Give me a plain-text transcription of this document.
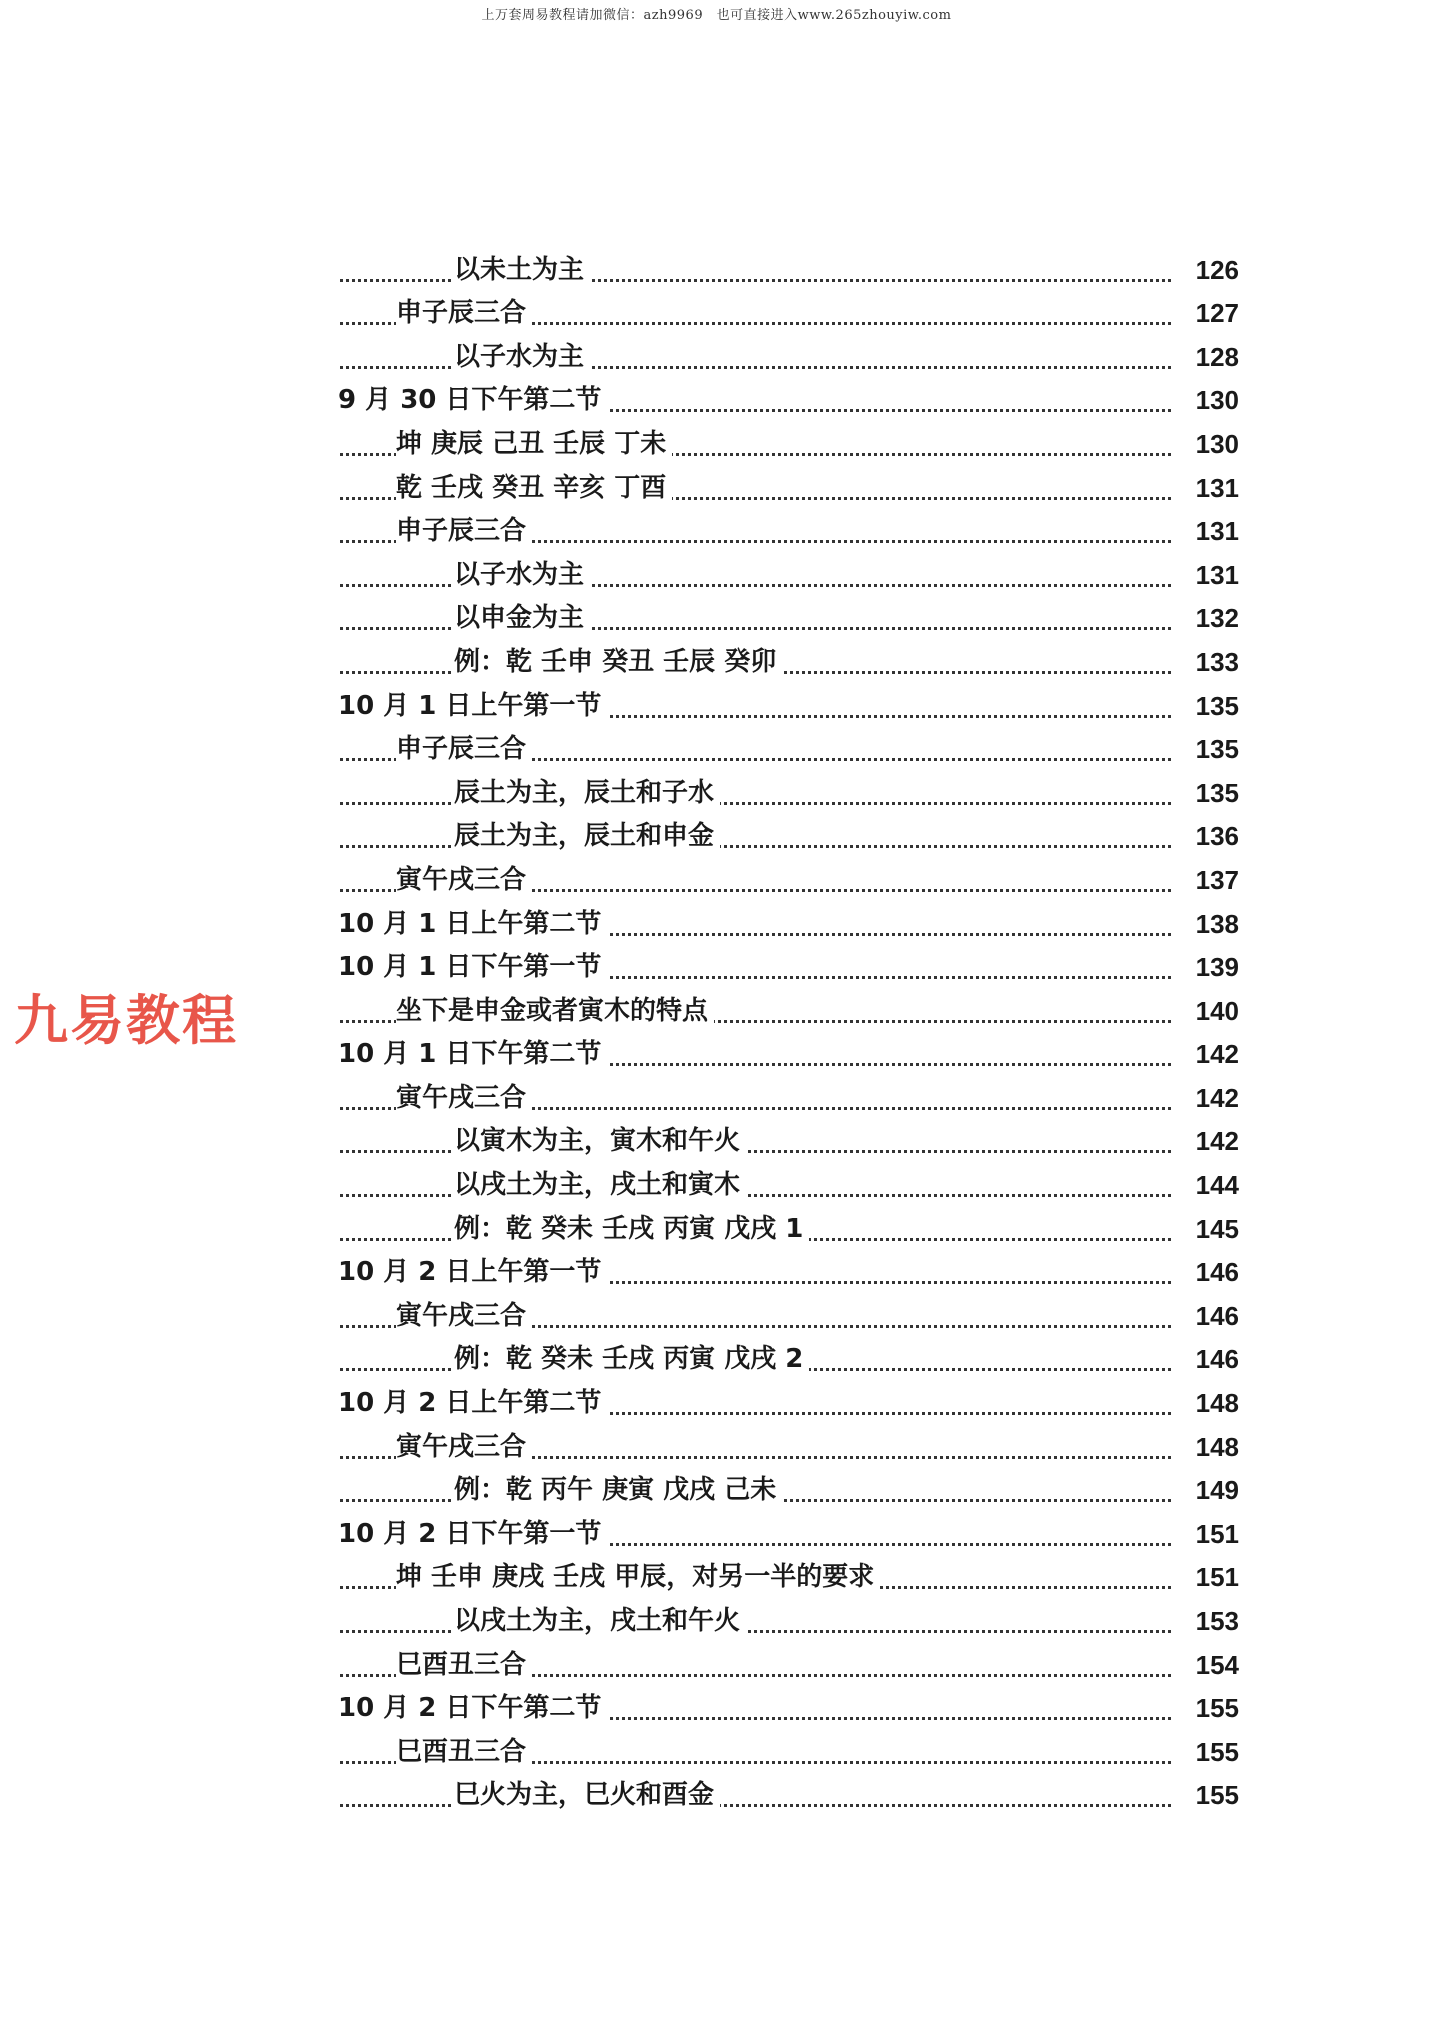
上万套周易教程请加微信：azh9969　也可直接进入www.265zhouyiw.com
九易教程
以未土为主	126
申子辰三合	127
以子水为主	128
9 月 30 日下午第二节	130
坤 庚辰 己丑 壬辰 丁未	130
乾 壬戌 癸丑 辛亥 丁酉	131
申子辰三合	131
以子水为主	131
以申金为主	132
例：乾 壬申 癸丑 壬辰 癸卯	133
10 月 1 日上午第一节	135
申子辰三合	135
辰土为主，辰土和子水	135
辰土为主，辰土和申金	136
寅午戌三合	137
10 月 1 日上午第二节	138
10 月 1 日下午第一节	139
坐下是申金或者寅木的特点	140
10 月 1 日下午第二节	142
寅午戌三合	142
以寅木为主，寅木和午火	142
以戌土为主，戌土和寅木	144
例：乾 癸未 壬戌 丙寅 戊戌 1	145
10 月 2 日上午第一节	146
寅午戌三合	146
例：乾 癸未 壬戌 丙寅 戊戌 2	146
10 月 2 日上午第二节	148
寅午戌三合	148
例：乾 丙午 庚寅 戊戌 己未	149
10 月 2 日下午第一节	151
坤 壬申 庚戌 壬戌 甲辰，对另一半的要求	151
以戌土为主，戌土和午火	153
巳酉丑三合	154
10 月 2 日下午第二节	155
巳酉丑三合	155
巳火为主，巳火和酉金	155
